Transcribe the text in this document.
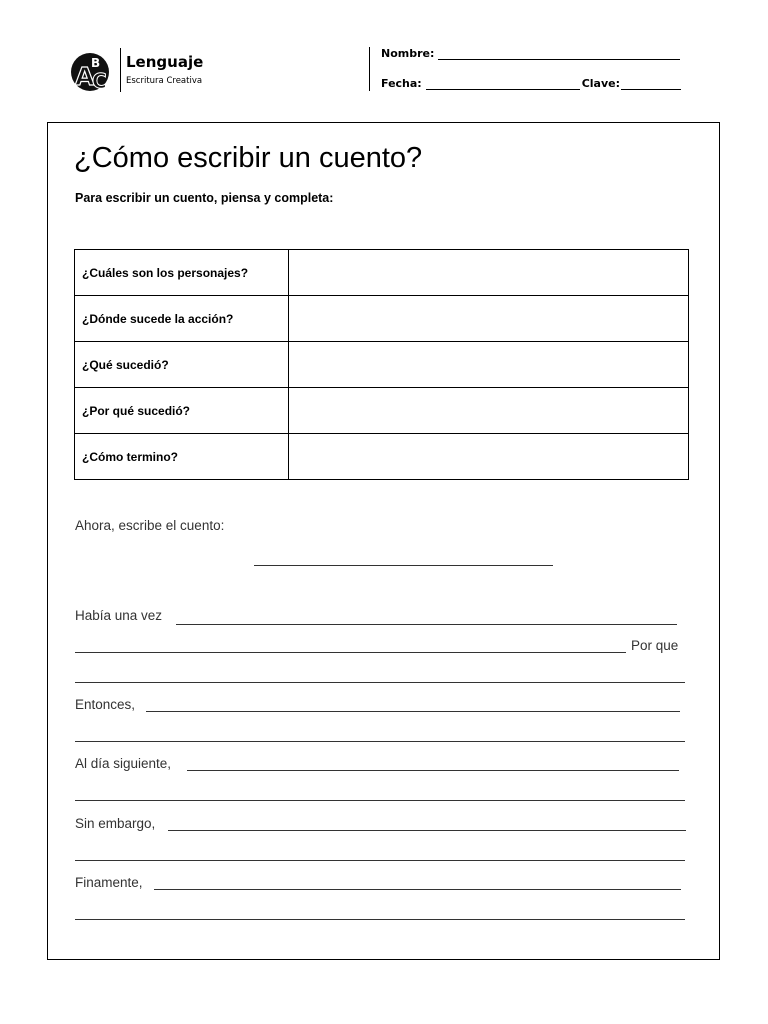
A
B
C
Lenguaje
Escritura Creativa
Nombre:
Fecha:	Clave:
¿Cómo escribir un cuento?
Para escribir un cuento, piensa y completa:
¿Cuáles son los personajes?	
¿Dónde sucede la acción?	
¿Qué sucedió?	
¿Por qué sucedió?	
¿Cómo termino?	
Ahora, escribe el cuento:
Había una vez
Por que
Entonces,
Al día siguiente,
Sin embargo,
Finamente,
